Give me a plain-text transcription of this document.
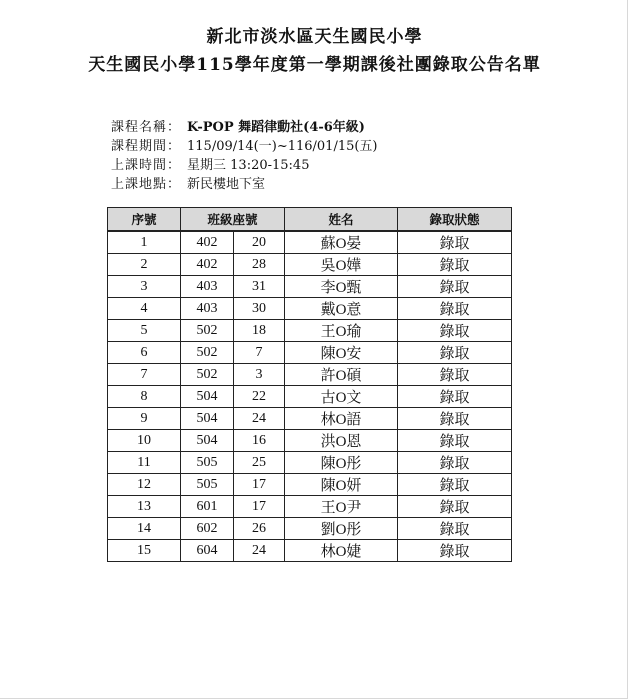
新北市淡水區天生國民小學
天生國民小學115學年度第一學期課後社團錄取公告名單
課程名稱： K-POP 舞蹈律動社(4-6年級)
課程期間： 115/09/14(一)~116/01/15(五)
上課時間： 星期三 13:20-15:45
上課地點： 新民樓地下室
序號	班級座號		姓名	錄取狀態
1	402	20	蘇O晏	錄取
2	402	28	吳O嬅	錄取
3	403	31	李O甄	錄取
4	403	30	戴O意	錄取
5	502	18	王O瑜	錄取
6	502	7	陳O安	錄取
7	502	3	許O碩	錄取
8	504	22	古O文	錄取
9	504	24	林O語	錄取
10	504	16	洪O恩	錄取
11	505	25	陳O彤	錄取
12	505	17	陳O妍	錄取
13	601	17	王O尹	錄取
14	602	26	劉O彤	錄取
15	604	24	林O婕	錄取
